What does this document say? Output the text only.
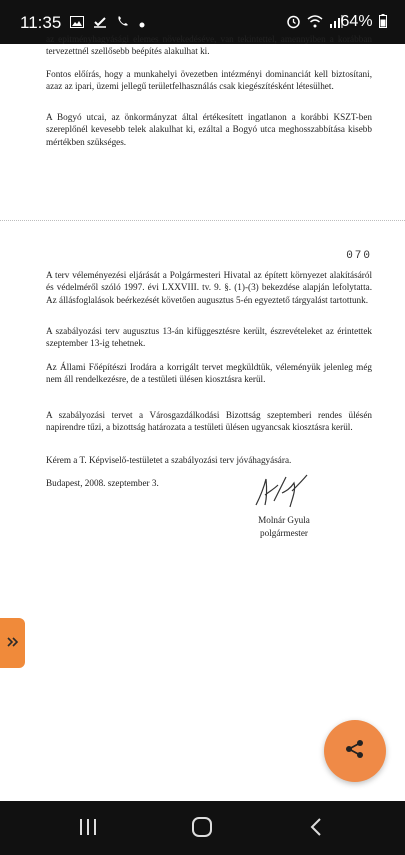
11:35	64%

az epitményhagyásági elemes növekedéséve, van tekintettel, amennyiben a korábban tervezettnél szellősebb beépítés alakulhat ki.

Fontos előírás, hogy a munkahelyi övezetben intézményi dominanciát kell biztosítani, azaz az ipari, üzemi jellegű területfelhasználás csak kiegészítésként létesülhet.

A Bogyó utcai, az önkormányzat által értékesített ingatlanon a korábbi KSZT-ben szereplőnél kevesebb telek alakulhat ki, ezáltal a Bogyó utca meghosszabbítása kisebb mértékben szükséges.

070

A terv véleményezési eljárását a Polgármesteri Hivatal az épített környezet alakításáról és védelméről szóló 1997. évi LXXVIII. tv. 9. §. (1)-(3) bekezdése alapján lefolytatta. Az állásfoglalások beérkezését követően augusztus 5-én egyeztető tárgyalást tartottunk.

A szabályozási terv augusztus 13-án kifüggesztésre került, észrevételeket az érintettek szeptember 13-ig tehetnek.

Az Állami Főépítészi Irodára a korrigált tervet megküldtük, véleményük jelenleg még nem áll rendelkezésre, de a testületi ülésen kiosztásra kerül.

A szabályozási tervet a Városgazdálkodási Bizottság szeptemberi rendes ülésén napirendre tűzi, a bizottság határozata a testületi ülésen ugyancsak kiosztásra kerül.

Kérem a T. Képviselő-testületet a szabályozási terv jóváhagyására.

Budapest, 2008. szeptember 3.

Molnár Gyula
polgármester
